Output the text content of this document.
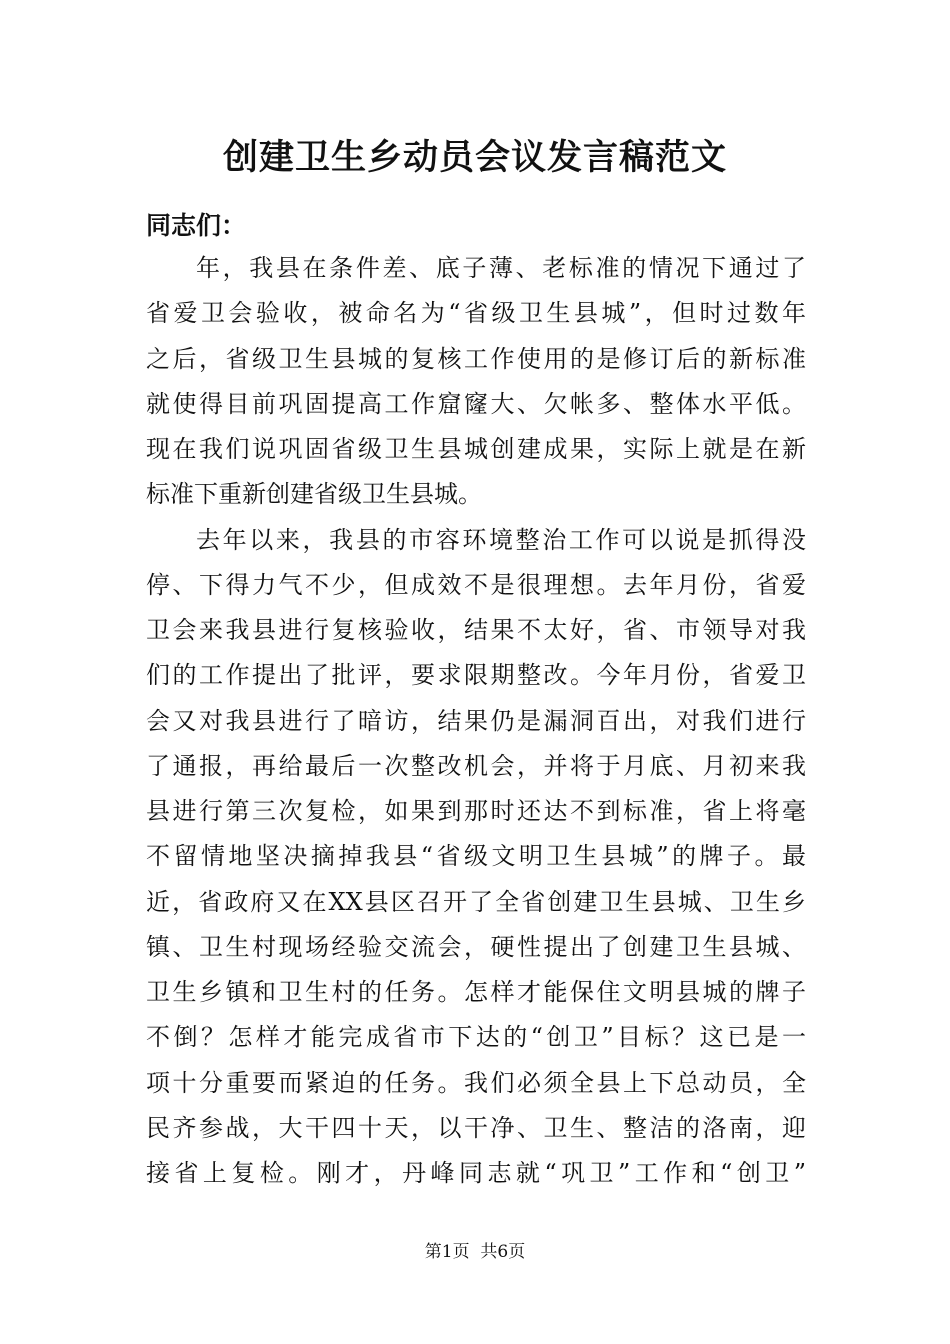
创建卫生乡动员会议发言稿范文
同志们：
年，我县在条件差、底子薄、老标准的情况下通过了
省爱卫会验收，被命名为“省级卫生县城”，但时过数年
之后，省级卫生县城的复核工作使用的是修订后的新标准
就使得目前巩固提高工作窟窿大、欠帐多、整体水平低。
现在我们说巩固省级卫生县城创建成果，实际上就是在新
标准下重新创建省级卫生县城。
去年以来，我县的市容环境整治工作可以说是抓得没
停、下得力气不少，但成效不是很理想。去年月份，省爱
卫会来我县进行复核验收，结果不太好，省、市领导对我
们的工作提出了批评，要求限期整改。今年月份，省爱卫
会又对我县进行了暗访，结果仍是漏洞百出，对我们进行
了通报，再给最后一次整改机会，并将于月底、月初来我
县进行第三次复检，如果到那时还达不到标准，省上将毫
不留情地坚决摘掉我县“省级文明卫生县城”的牌子。最
近，省政府又在XX县区召开了全省创建卫生县城、卫生乡
镇、卫生村现场经验交流会，硬性提出了创建卫生县城、
卫生乡镇和卫生村的任务。怎样才能保住文明县城的牌子
不倒？怎样才能完成省市下达的“创卫”目标？这已是一
项十分重要而紧迫的任务。我们必须全县上下总动员，全
民齐参战，大干四十天，以干净、卫生、整洁的洛南，迎
接省上复检。刚才，丹峰同志就“巩卫”工作和“创卫”
第1页  共6页
